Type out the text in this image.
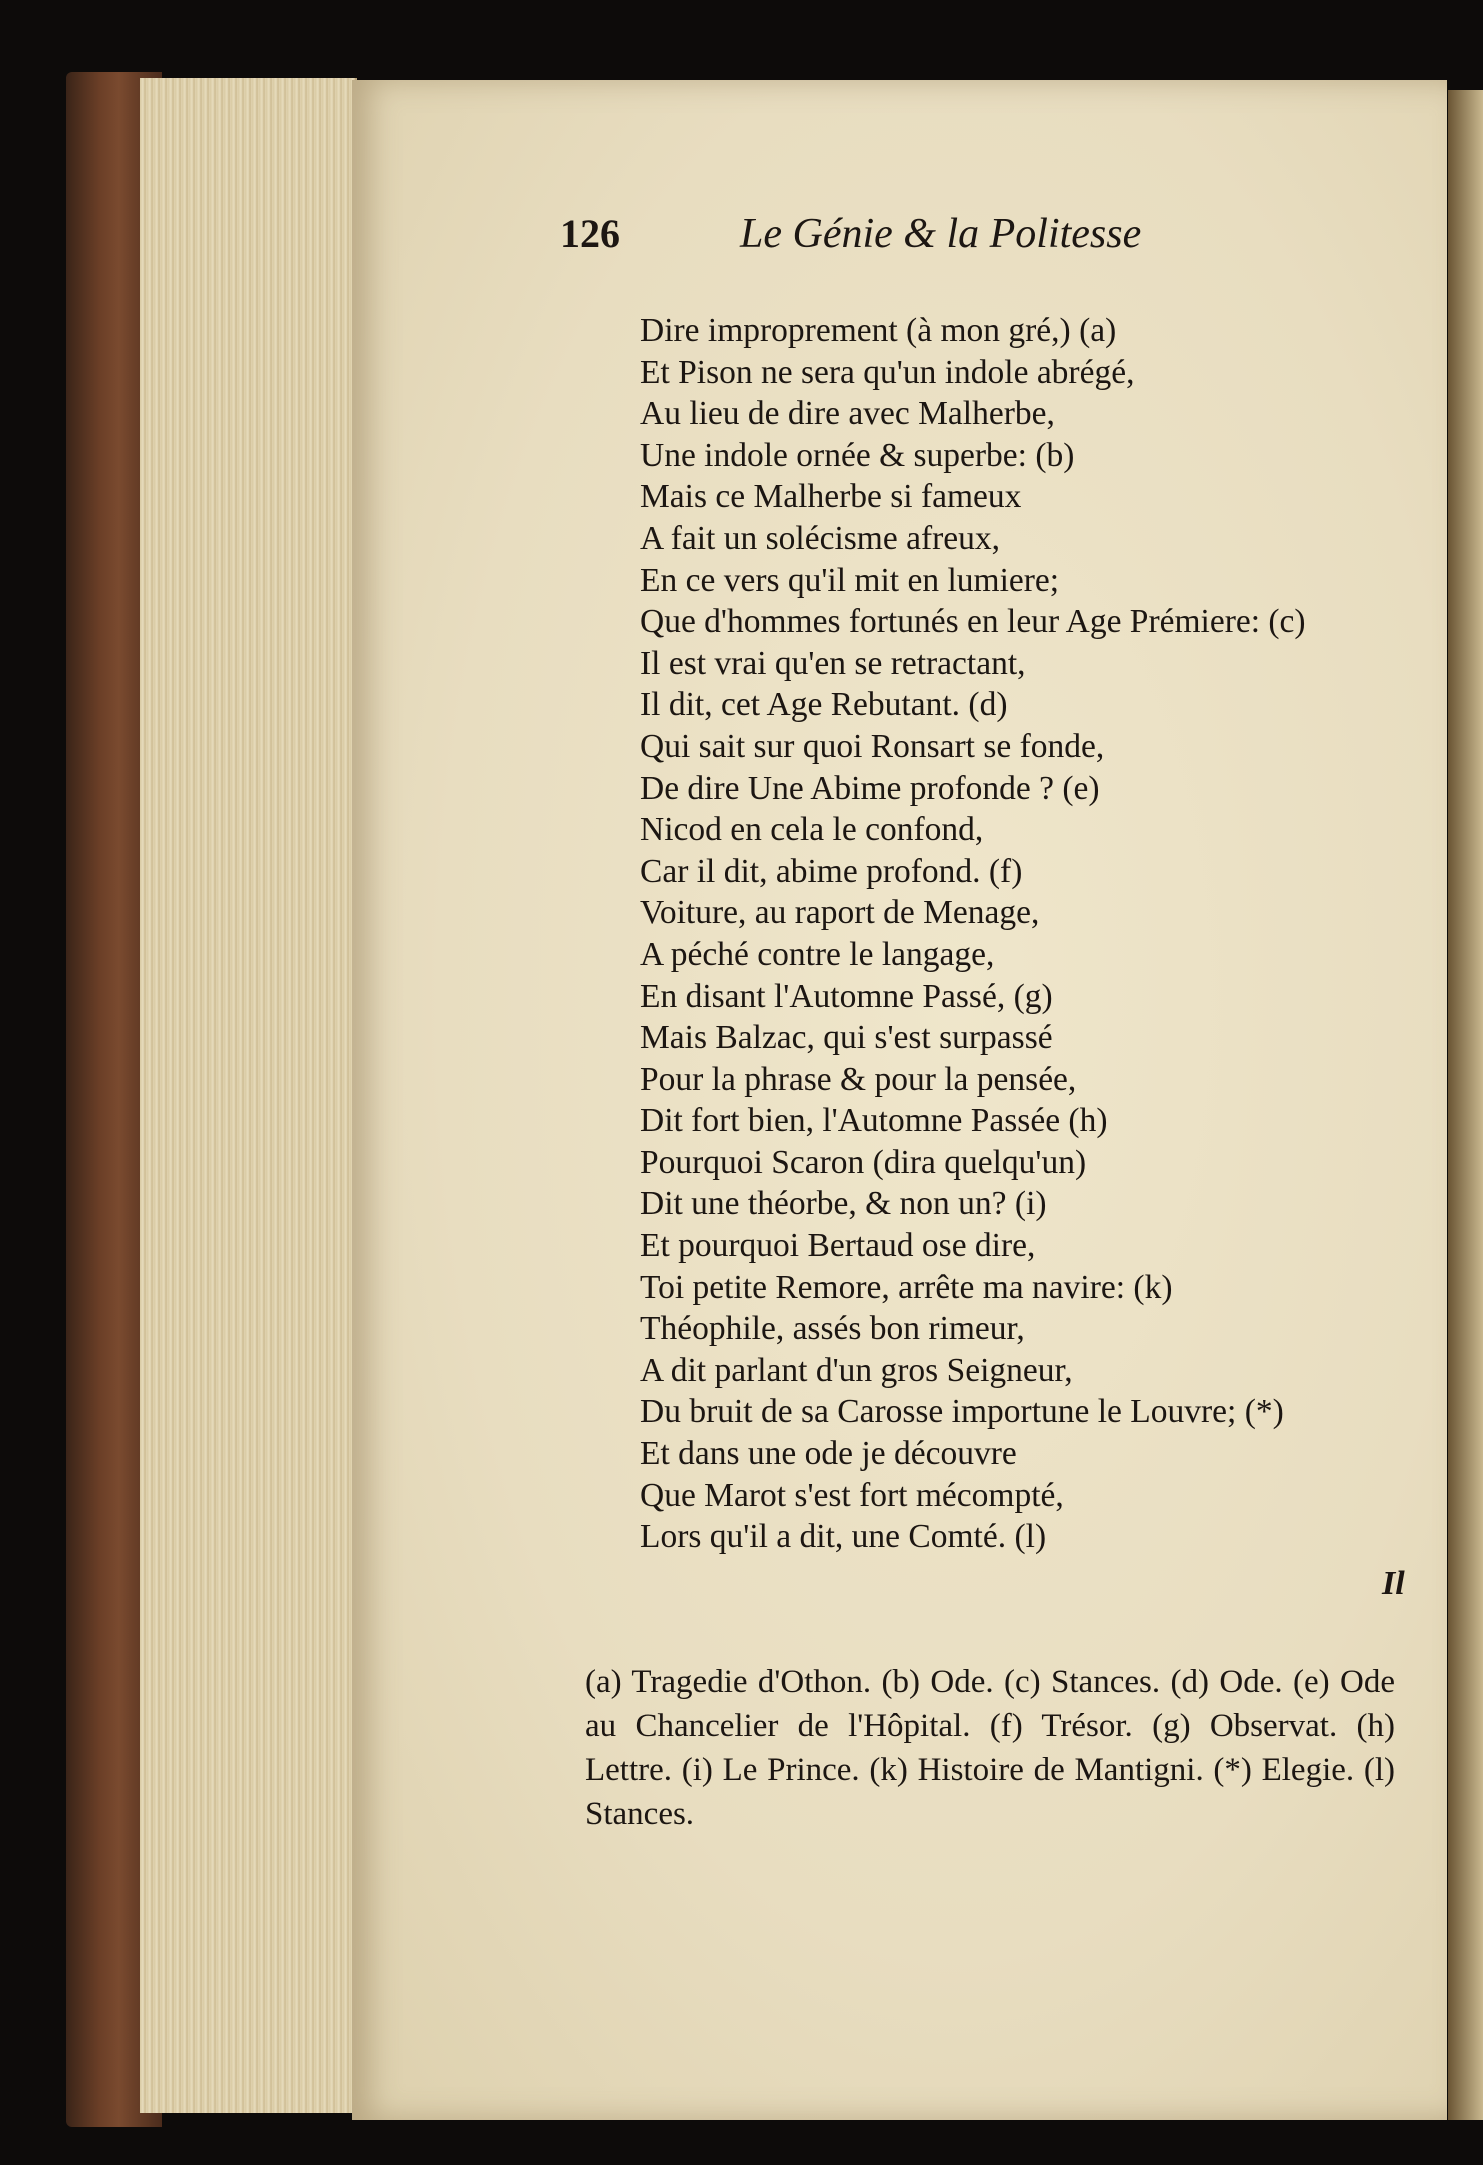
126	Le Génie & la Politesse
Dire improprement (à mon gré,) (a)
Et Pison ne sera qu'un indole abrégé,
Au lieu de dire avec Malherbe,
Une indole ornée & superbe: (b)
Mais ce Malherbe si fameux
A fait un solécisme afreux,
En ce vers qu'il mit en lumiere;
Que d'hommes fortunés en leur Age Prémiere: (c)
Il est vrai qu'en se retractant,
Il dit, cet Age Rebutant. (d)
Qui sait sur quoi Ronsart se fonde,
De dire Une Abime profonde ? (e)
Nicod en cela le confond,
Car il dit, abime profond. (f)
Voiture, au raport de Menage,
A péché contre le langage,
En disant l'Automne Passé, (g)
Mais Balzac, qui s'est surpassé
Pour la phrase & pour la pensée,
Dit fort bien, l'Automne Passée (h)
Pourquoi Scaron (dira quelqu'un)
Dit une théorbe, & non un? (i)
Et pourquoi Bertaud ose dire,
Toi petite Remore, arrête ma navire: (k)
Théophile, assés bon rimeur,
A dit parlant d'un gros Seigneur,
Du bruit de sa Carosse importune le Louvre; (*)
Et dans une ode je découvre
Que Marot s'est fort mécompté,
Lors qu'il a dit, une Comté. (l)
Il
(a) Tragedie d'Othon. (b) Ode. (c) Stances. (d) Ode. (e) Ode au Chancelier de l'Hôpital. (f) Trésor. (g) Observat. (h) Lettre. (i) Le Prince. (k) Histoire de Mantigni. (*) Elegie. (l) Stances.
